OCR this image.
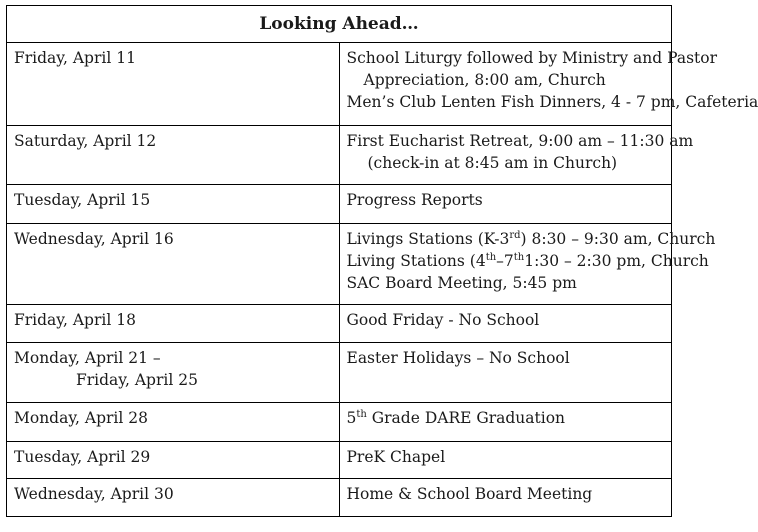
Looking Ahead…	
Friday, April 11	School Liturgy followed by Ministry and Pastor
Appreciation, 8:00 am, Church
Men’s Club Lenten Fish Dinners, 4 - 7 pm, Cafeteria

Saturday, April 12	First Eucharist Retreat, 9:00 am – 11:30 am
(check-in at 8:45 am in Church)

Tuesday, April 15	Progress Reports

Wednesday, April 16	Livings Stations (K-3rd) 8:30 – 9:30 am, Church
Living Stations (4th–7th1:30 – 2:30 pm, Church
SAC Board Meeting, 5:45 pm

Friday, April 18	Good Friday - No School

Monday, April 21 –
Friday, April 25	Easter Holidays – No School

Monday, April 28	5th Grade DARE Graduation

Tuesday, April 29	PreK Chapel

Wednesday, April 30	Home & School Board Meeting
